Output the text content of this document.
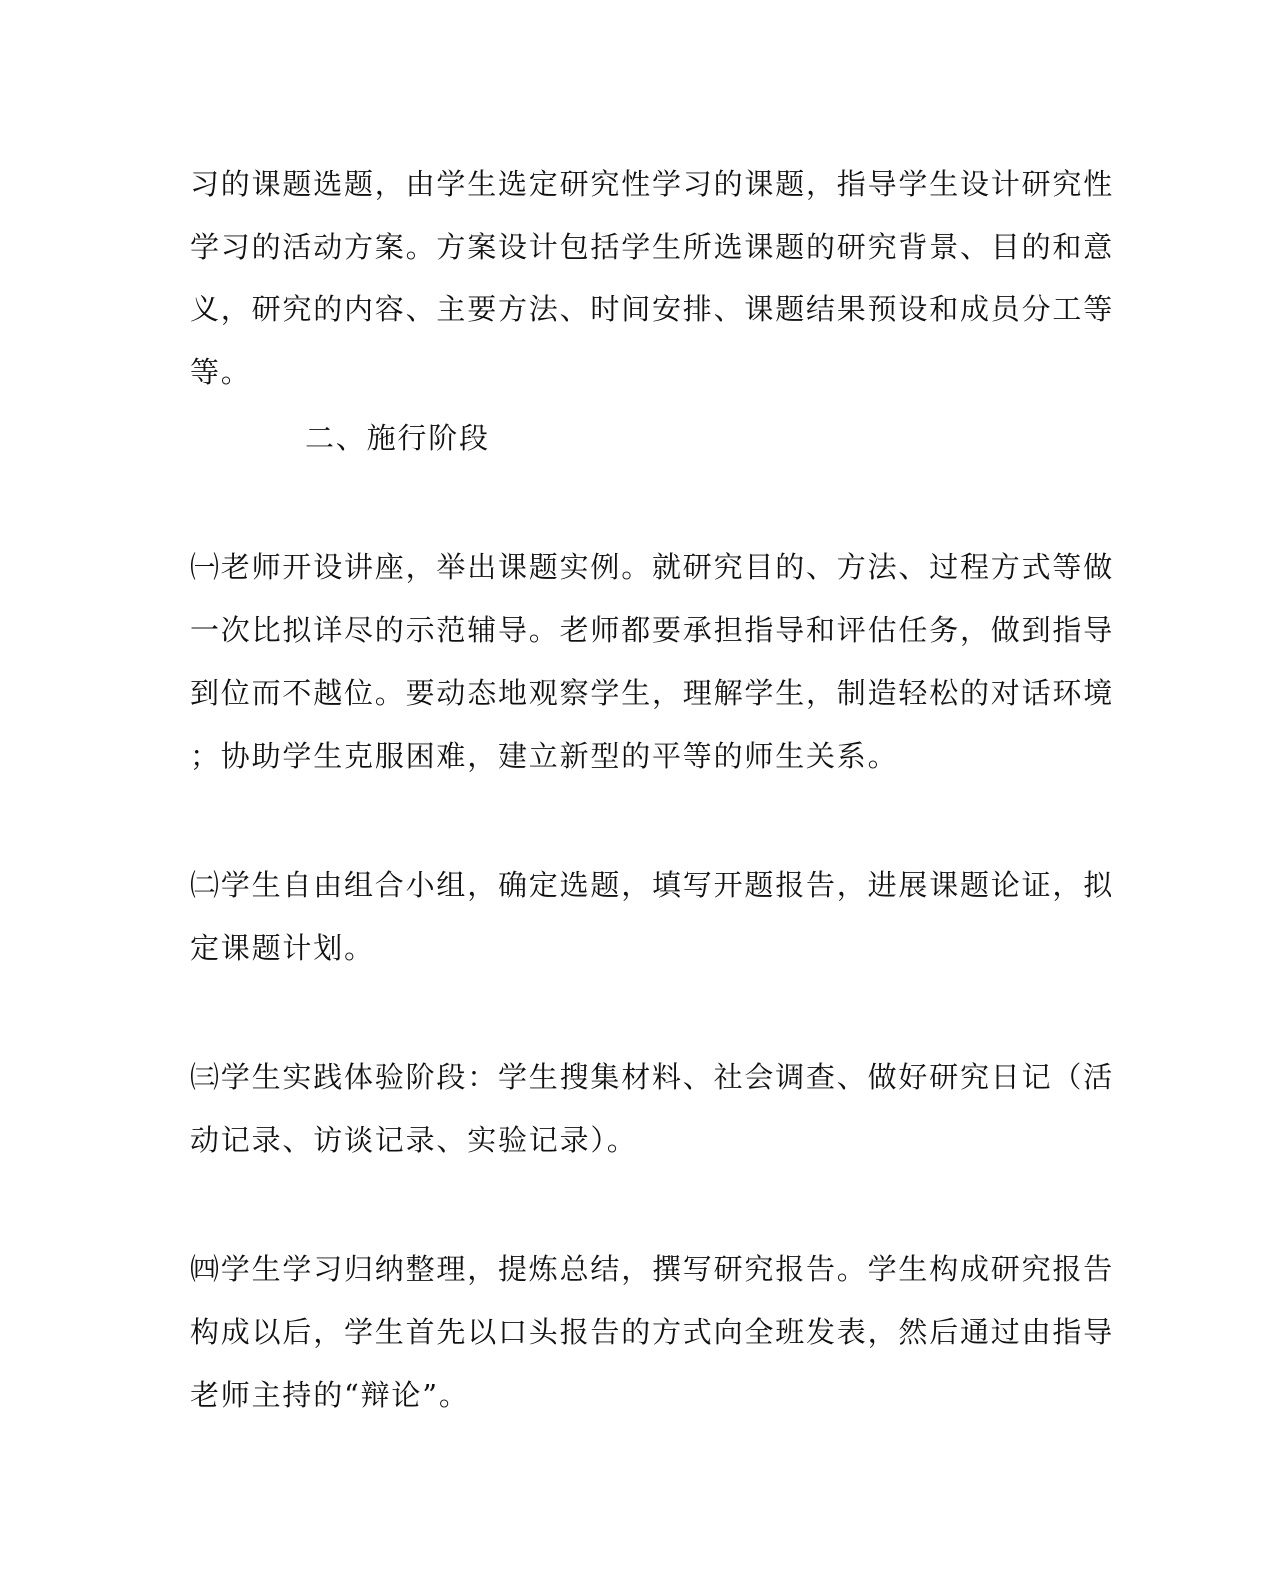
习的课题选题，由学生选定研究性学习的课题，指导学生设计研究性
学习的活动方案。方案设计包括学生所选课题的研究背景、目的和意
义，研究的内容、主要方法、时间安排、课题结果预设和成员分工等
等。
二、施行阶段
㈠老师开设讲座，举出课题实例。就研究目的、方法、过程方式等做
一次比拟详尽的示范辅导。老师都要承担指导和评估任务，做到指导
到位而不越位。要动态地观察学生，理解学生，制造轻松的对话环境
；协助学生克服困难，建立新型的平等的师生关系。
㈡学生自由组合小组，确定选题，填写开题报告，进展课题论证，拟
定课题计划。
㈢学生实践体验阶段：学生搜集材料、社会调查、做好研究日记（活
动记录、访谈记录、实验记录）。
㈣学生学习归纳整理，提炼总结，撰写研究报告。学生构成研究报告
构成以后，学生首先以口头报告的方式向全班发表，然后通过由指导
老师主持的“辩论”。
